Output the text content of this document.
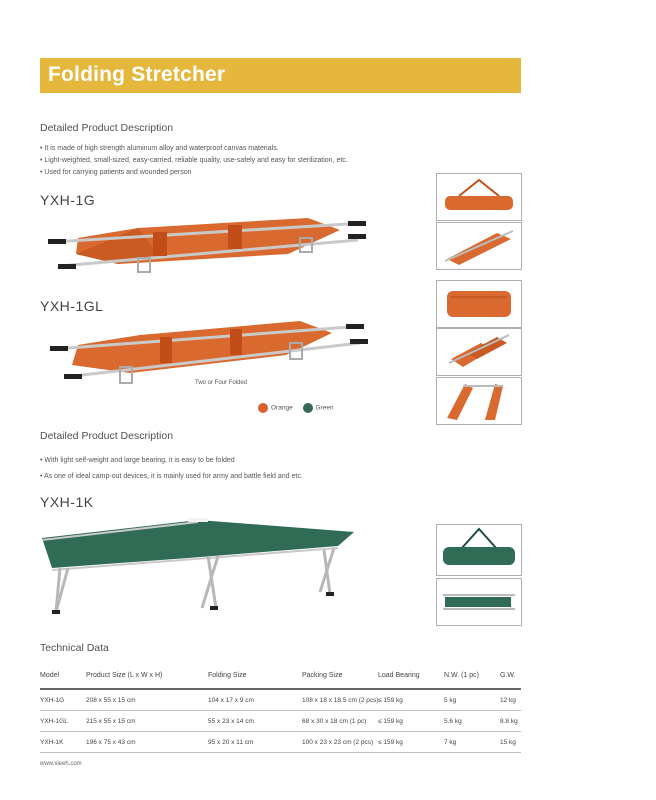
Folding Stretcher
Detailed Product Description
• It is made of high strength aluminum alloy and waterproof canvas materials.
• Light-weighted, small-sized, easy-carried, reliable quality, use-safely and easy for sterilization, etc.
• Used for carrying patients and wounded person
YXH-1G
YXH-1GL
Two or Four Folded
Orange	Green
Detailed Product Description
• With light self-weight and large bearing, it is easy to be folded
• As one of ideal camp-out devices, it is mainly used for army and battle field and etc.
YXH-1K
Technical Data
Model	Product Size (L x W x H)	Folding Size	Packing Size	Load Bearing	N.W. (1 pc)	G.W.
YXH-1G	208 x 55 x 15 cm	104 x 17 x 9 cm	108 x 18 x 18.5 cm (2 pcs) ≤ 159 kg	5 kg	12 kg
YXH-1GL	215 x 55 x 15 cm	55 x 23 x 14 cm	68 x 30 x 18 cm (1 pc) ≤ 159 kg	5.6 kg	8.8 kg
YXH-1K	196 x 75 x 43 cm	95 x 20 x 11 cm	100 x 23 x 23 cm (2 pcs) ≤ 159 kg	7 kg	15 kg
www.xieeh.com
